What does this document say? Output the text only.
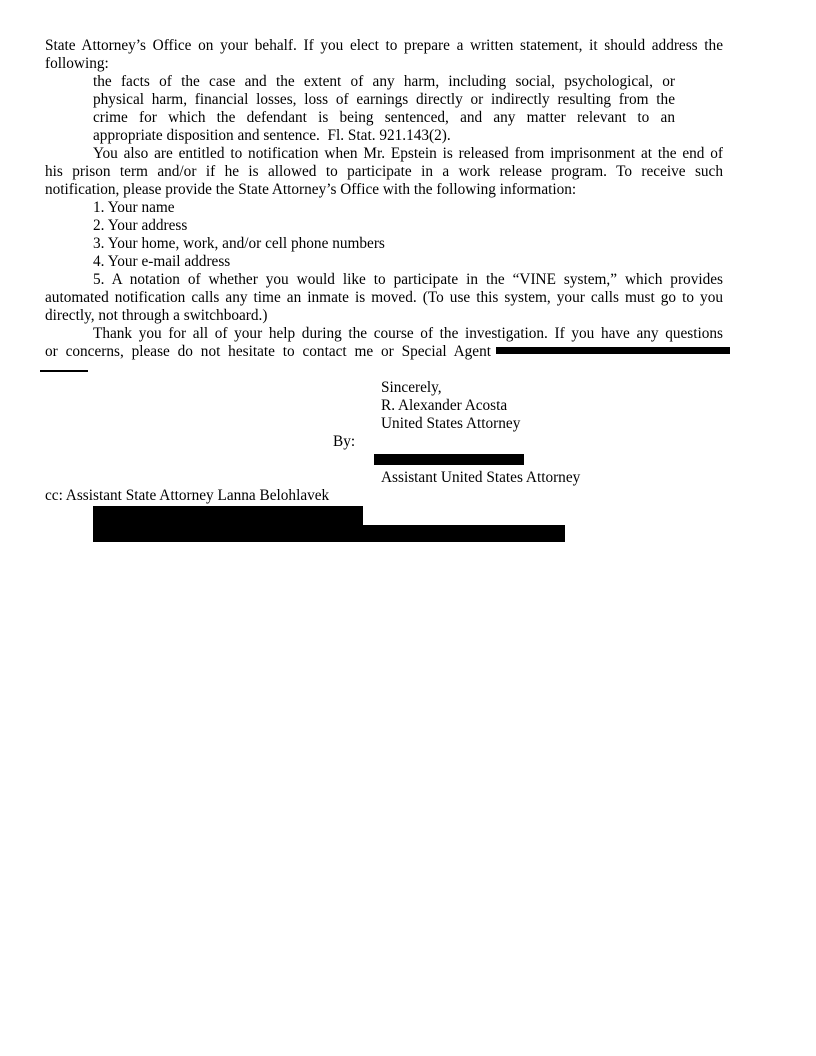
State Attorney’s Office on your behalf. If you elect to prepare a written statement, it should address the
following:
the facts of the case and the extent of any harm, including social, psychological, or
physical harm, financial losses, loss of earnings directly or indirectly resulting from the
crime for which the defendant is being sentenced, and any matter relevant to an
appropriate disposition and sentence.  Fl. Stat. 921.143(2).
You also are entitled to notification when Mr. Epstein is released from imprisonment at the end of
his prison term and/or if he is allowed to participate in a work release program. To receive such
notification, please provide the State Attorney’s Office with the following information:
1. Your name
2. Your address
3. Your home, work, and/or cell phone numbers
4. Your e-mail address
5. A notation of whether you would like to participate in the “VINE system,” which provides
automated notification calls any time an inmate is moved. (To use this system, your calls must go to you
directly, not through a switchboard.)
Thank you for all of your help during the course of the investigation. If you have any questions
or concerns, please do not hesitate to contact me or Special Agent
Sincerely,
R. Alexander Acosta
United States Attorney
By:
Assistant United States Attorney
cc: Assistant State Attorney Lanna Belohlavek
